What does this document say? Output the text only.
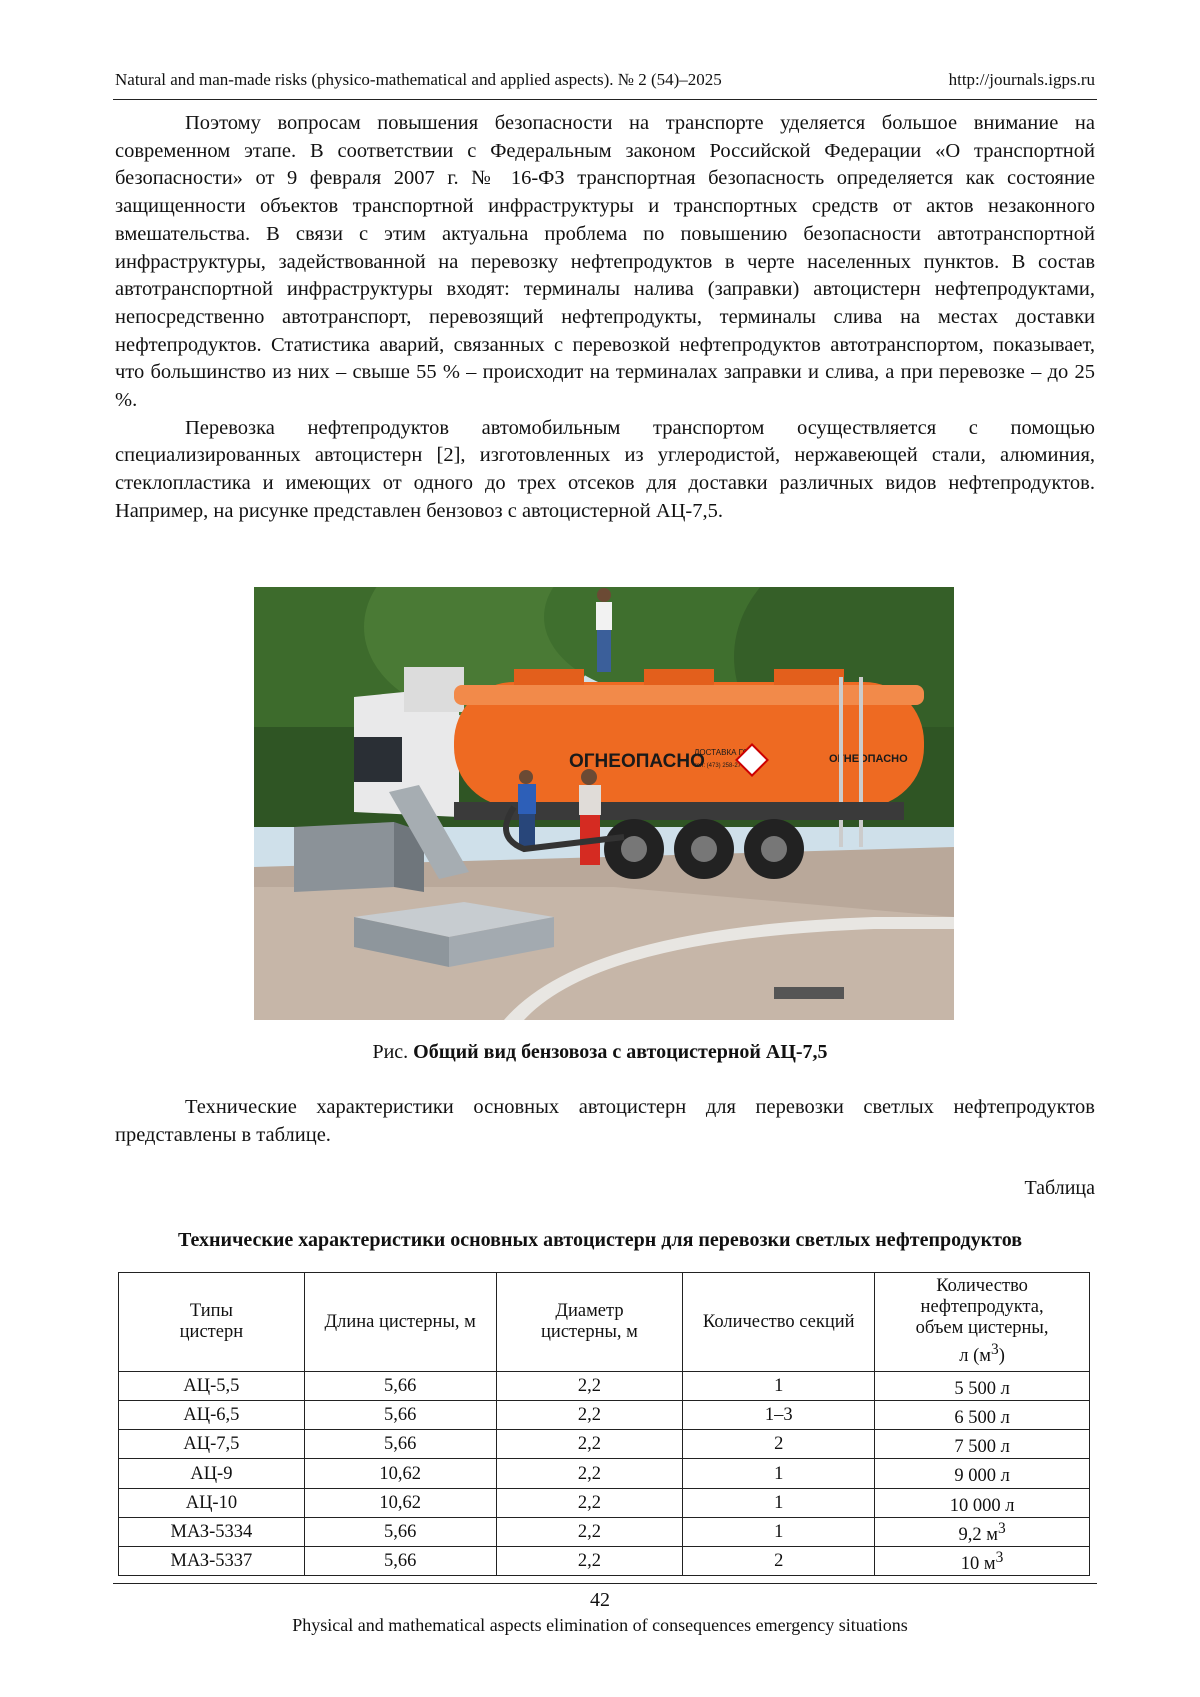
Natural and man-made risks (physico-mathematical and applied aspects). № 2 (54)–2025	http://journals.igps.ru

Поэтому вопросам повышения безопасности на транспорте уделяется большое внимание на современном этапе. В соответствии с Федеральным законом Российской Федерации «О транспортной безопасности» от 9 февраля 2007 г. № 16-ФЗ транспортная безопасность определяется как состояние защищенности объектов транспортной инфраструктуры и транспортных средств от актов незаконного вмешательства. В связи с этим актуальна проблема по повышению безопасности автотранспортной инфраструктуры, задействованной на перевозку нефтепродуктов в черте населенных пунктов. В состав автотранспортной инфраструктуры входят: терминалы налива (заправки) автоцистерн нефтепродуктами, непосредственно автотранспорт, перевозящий нефтепродукты, терминалы слива на местах доставки нефтепродуктов. Статистика аварий, связанных с перевозкой нефтепродуктов автотранспортом, показывает, что большинство из них – свыше 55 % – происходит на терминалах заправки и слива, а при перевозке – до 25 %.

Перевозка нефтепродуктов автомобильным транспортом осуществляется с помощью специализированных автоцистерн [2], изготовленных из углеродистой, нержавеющей стали, алюминия, стеклопластика и имеющих от одного до трех отсеков для доставки различных видов нефтепродуктов. Например, на рисунке представлен бензовоз с автоцистерной АЦ-7,5.

ОГНЕОПАСНО
ДОСТАВКА ГСМ
тел: (473) 258-27-05
ОГНЕОПАСНО
Рис. Общий вид бензовоза с автоцистерной АЦ-7,5

Технические характеристики основных автоцистерн для перевозки светлых нефтепродуктов представлены в таблице.

Таблица
Технические характеристики основных автоцистерн для перевозки светлых нефтепродуктов
Типы
цистерн	Длина цистерны, м	Диаметр
цистерны, м	Количество секций	Количество
нефтепродукта,
объем цистерны,
л (м3)
АЦ-5,5	5,66	2,2	1	5 500 л
АЦ-6,5	5,66	2,2	1–3	6 500 л
АЦ-7,5	5,66	2,2	2	7 500 л
АЦ-9	10,62	2,2	1	9 000 л
АЦ-10	10,62	2,2	1	10 000 л
МАЗ-5334	5,66	2,2	1	9,2 м3
МАЗ-5337	5,66	2,2	2	10 м3
42
Physical and mathematical aspects elimination of consequences emergency situations
